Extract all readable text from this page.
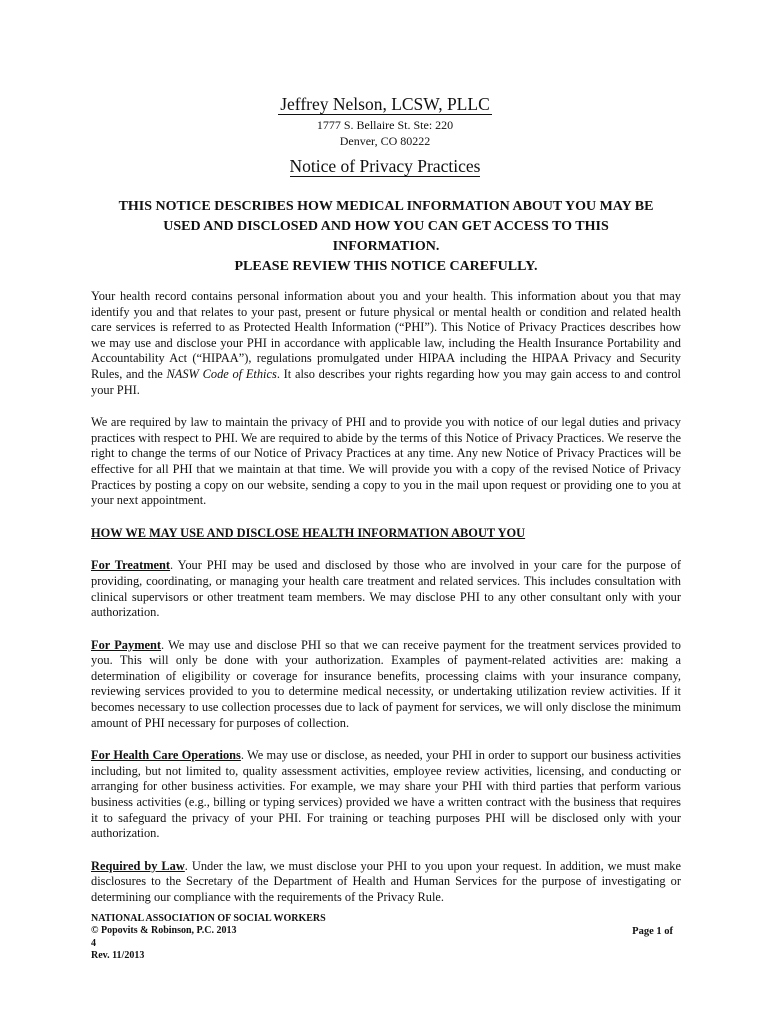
Jeffrey Nelson, LCSW, PLLC
1777 S. Bellaire St. Ste: 220
Denver, CO 80222
Notice of Privacy Practices
THIS NOTICE DESCRIBES HOW MEDICAL INFORMATION ABOUT YOU MAY BE
USED AND DISCLOSED AND HOW YOU CAN GET ACCESS TO THIS
INFORMATION.
PLEASE REVIEW THIS NOTICE CAREFULLY.

Your health record contains personal information about you and your health. This information about you that may identify you and that relates to your past, present or future physical or mental health or condition and related health care services is referred to as Protected Health Information (“PHI”). This Notice of Privacy Practices describes how we may use and disclose your PHI in accordance with applicable law, including the Health Insurance Portability and Accountability Act (“HIPAA”), regulations promulgated under HIPAA including the HIPAA Privacy and Security Rules, and the NASW Code of Ethics. It also describes your rights regarding how you may gain access to and control your PHI.

We are required by law to maintain the privacy of PHI and to provide you with notice of our legal duties and privacy practices with respect to PHI. We are required to abide by the terms of this Notice of Privacy Practices. We reserve the right to change the terms of our Notice of Privacy Practices at any time. Any new Notice of Privacy Practices will be effective for all PHI that we maintain at that time. We will provide you with a copy of the revised Notice of Privacy Practices by posting a copy on our website, sending a copy to you in the mail upon request or providing one to you at your next appointment.

HOW WE MAY USE AND DISCLOSE HEALTH INFORMATION ABOUT YOU

For Treatment. Your PHI may be used and disclosed by those who are involved in your care for the purpose of providing, coordinating, or managing your health care treatment and related services. This includes consultation with clinical supervisors or other treatment team members. We may disclose PHI to any other consultant only with your authorization.

For Payment. We may use and disclose PHI so that we can receive payment for the treatment services provided to you. This will only be done with your authorization. Examples of payment-related activities are: making a determination of eligibility or coverage for insurance benefits, processing claims with your insurance company, reviewing services provided to you to determine medical necessity, or undertaking utilization review activities. If it becomes necessary to use collection processes due to lack of payment for services, we will only disclose the minimum amount of PHI necessary for purposes of collection.

For Health Care Operations. We may use or disclose, as needed, your PHI in order to support our business activities including, but not limited to, quality assessment activities, employee review activities, licensing, and conducting or arranging for other business activities. For example, we may share your PHI with third parties that perform various business activities (e.g., billing or typing services) provided we have a written contract with the business that requires it to safeguard the privacy of your PHI. For training or teaching purposes PHI will be disclosed only with your authorization.

Required by Law. Under the law, we must disclose your PHI to you upon your request. In addition, we must make disclosures to the Secretary of the Department of Health and Human Services for the purpose of investigating or determining our compliance with the requirements of the Privacy Rule.

NATIONAL ASSOCIATION OF SOCIAL WORKERS
© Popovits & Robinson, P.C. 2013
4
Rev. 11/2013
Page 1 of
